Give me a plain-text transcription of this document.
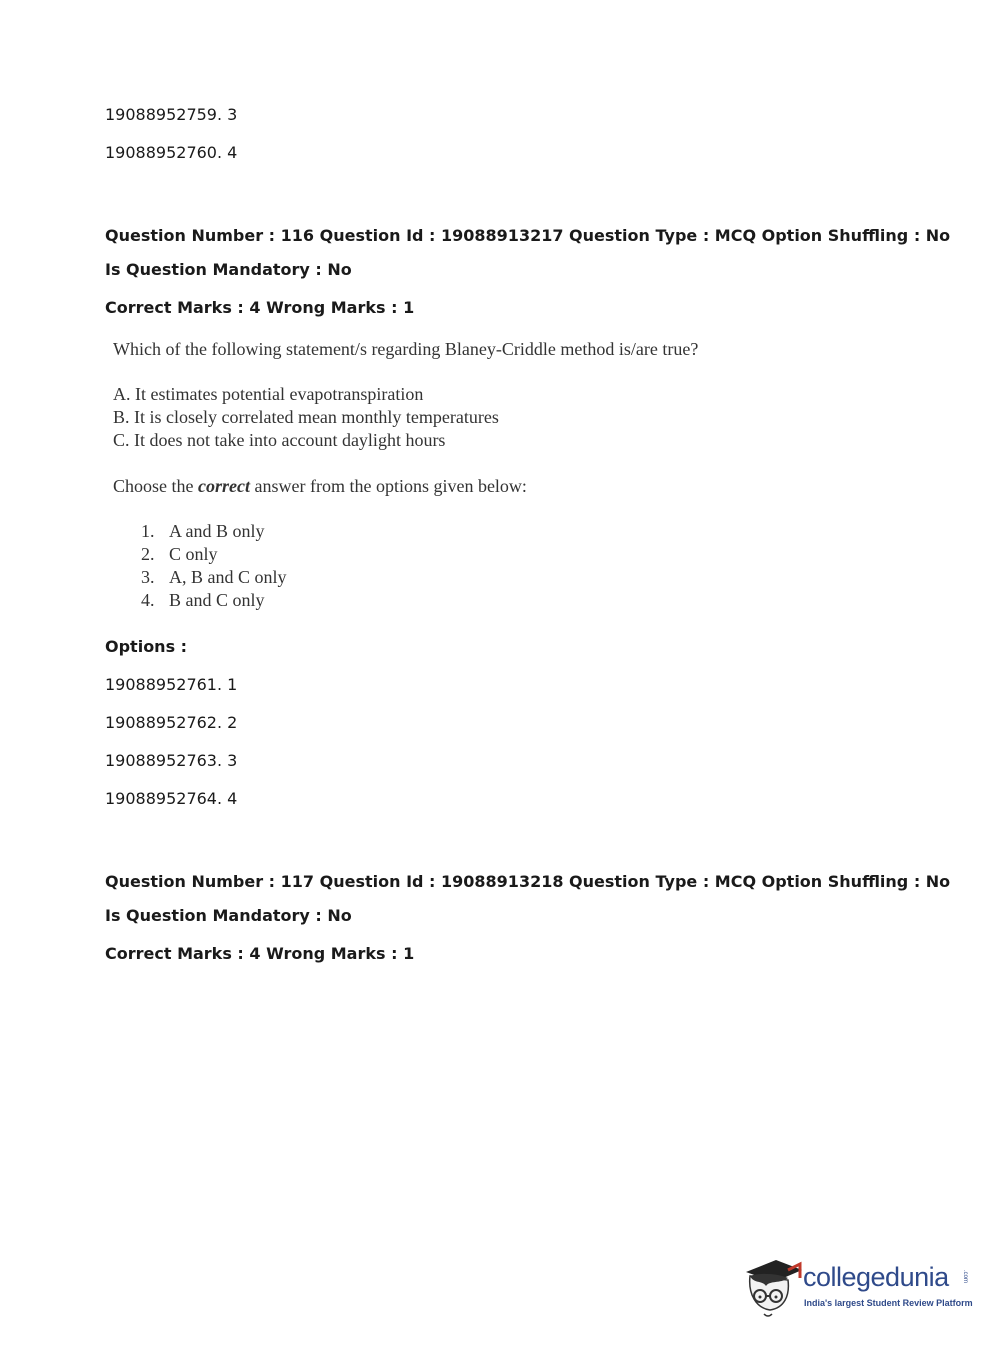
19088952759. 3
19088952760. 4
Question Number : 116 Question Id : 19088913217 Question Type : MCQ Option Shuffling : No
Is Question Mandatory : No
Correct Marks : 4 Wrong Marks : 1
Which of the following statement/s regarding Blaney-Criddle method is/are true?
A. It estimates potential evapotranspiration
B. It is closely correlated mean monthly temperatures
C. It does not take into account daylight hours
Choose the correct answer from the options given below:
1. A and B only
2. C only
3. A, B and C only
4. B and C only
Options :
19088952761. 1
19088952762. 2
19088952763. 3
19088952764. 4
Question Number : 117 Question Id : 19088913218 Question Type : MCQ Option Shuffling : No
Is Question Mandatory : No
Correct Marks : 4 Wrong Marks : 1
collegedunia .com
India's largest Student Review Platform
